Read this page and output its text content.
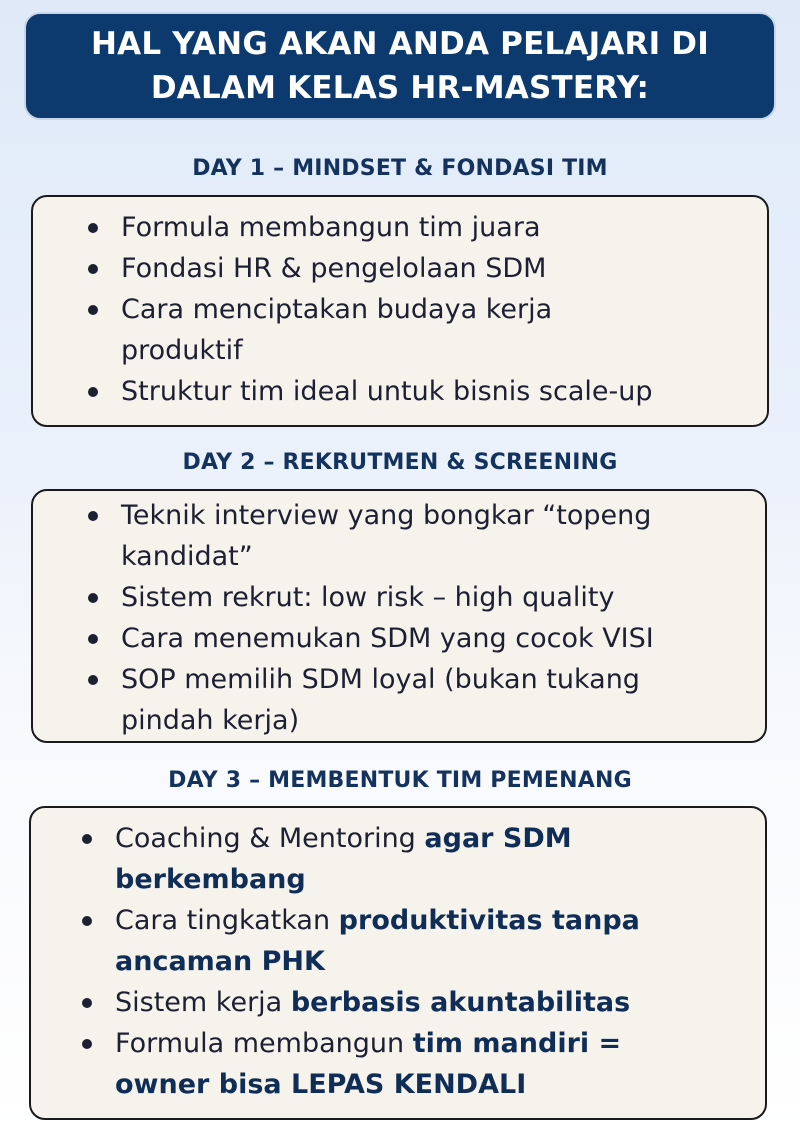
HAL YANG AKAN ANDA PELAJARI DI
DALAM KELAS HR-MASTERY:
DAY 1 – MINDSET & FONDASI TIM
Formula membangun tim juara
Fondasi HR & pengelolaan SDM
Cara menciptakan budaya kerja produktif
Struktur tim ideal untuk bisnis scale-up
DAY 2 – REKRUTMEN & SCREENING
Teknik interview yang bongkar “topeng kandidat”
Sistem rekrut: low risk – high quality
Cara menemukan SDM yang cocok VISI
SOP memilih SDM loyal (bukan tukang pindah kerja)
DAY 3 – MEMBENTUK TIM PEMENANG
Coaching & Mentoring agar SDM berkembang
Cara tingkatkan produktivitas tanpa ancaman PHK
Sistem kerja berbasis akuntabilitas
Formula membangun tim mandiri = owner bisa LEPAS KENDALI
